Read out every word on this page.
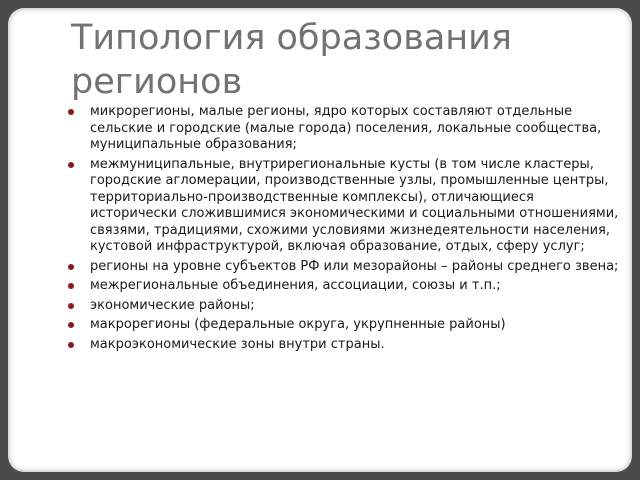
Типология образования регионов
микрорегионы, малые регионы, ядро которых составляют отдельные сельские и городские (малые города) поселения, локальные сообщества, муниципальные образования;
межмуниципальные, внутрирегиональные кусты (в том числе кластеры, городские агломерации, производственные узлы, промышленные центры, территориально-производственные комплексы), отличающиеся исторически сложившимися экономическими и социальными отношениями, связями, традициями, схожими условиями жизнедеятельности населения, кустовой инфраструктурой, включая образование, отдых, сферу услуг;
регионы на уровне субъектов РФ или мезорайоны – районы среднего звена;
межрегиональные объединения, ассоциации, союзы и т.п.;
экономические районы;
макрорегионы (федеральные округа, укрупненные районы)
макроэкономические зоны внутри страны.
